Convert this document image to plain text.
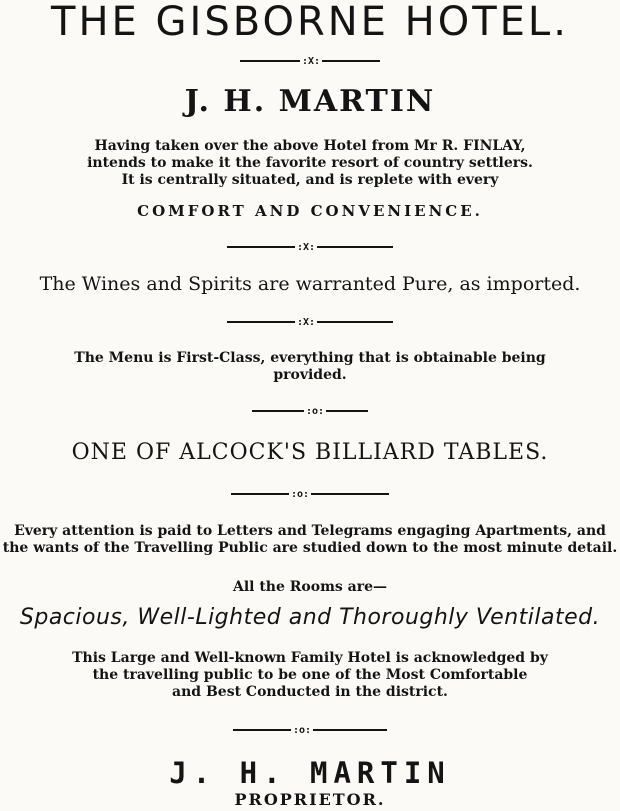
THE GISBORNE HOTEL.
:X:
J. H. MARTIN
Having taken over the above Hotel from Mr R. FINLAY,
intends to make it the favorite resort of country settlers.
It is centrally situated, and is replete with every
COMFORT AND CONVENIENCE.
:X:
The Wines and Spirits are warranted Pure, as imported.
:X:
The Menu is First-Class, everything that is obtainable being
provided.
:o:
ONE OF ALCOCK'S BILLIARD TABLES.
:o:
Every attention is paid to Letters and Telegrams engaging Apartments, and
the wants of the Travelling Public are studied down to the most minute detail.
All the Rooms are—
Spacious, Well-Lighted and Thoroughly Ventilated.
This Large and Well-known Family Hotel is acknowledged by
the travelling public to be one of the Most Comfortable
and Best Conducted in the district.
:o:
J. H. MARTIN
PROPRIETOR.
